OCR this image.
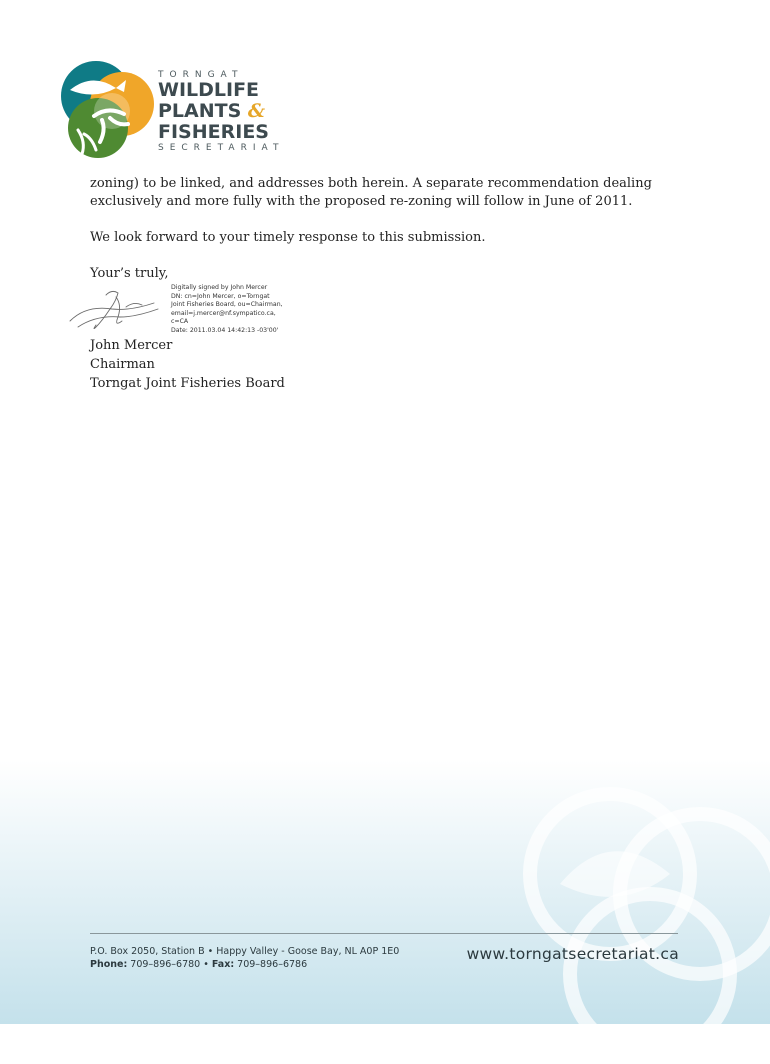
TORNGAT
WILDLIFE
PLANTS &
FISHERIES
SECRETARIAT
zoning) to be linked, and addresses both herein. A separate recommendation dealing
exclusively and more fully with the proposed re-zoning will follow in June of 2011.
We look forward to your timely response to this submission.
Your’s truly,
Digitally signed by John Mercer
DN: cn=John Mercer, o=Torngat
Joint Fisheries Board, ou=Chairman,
email=j.mercer@nf.sympatico.ca,
c=CA
Date: 2011.03.04 14:42:13 -03'00'
John Mercer
Chairman
Torngat Joint Fisheries Board
P.O. Box 2050, Station B • Happy Valley - Goose Bay, NL A0P 1E0
Phone: 709–896–6780 • Fax: 709–896–6786
www.torngatsecretariat.ca
